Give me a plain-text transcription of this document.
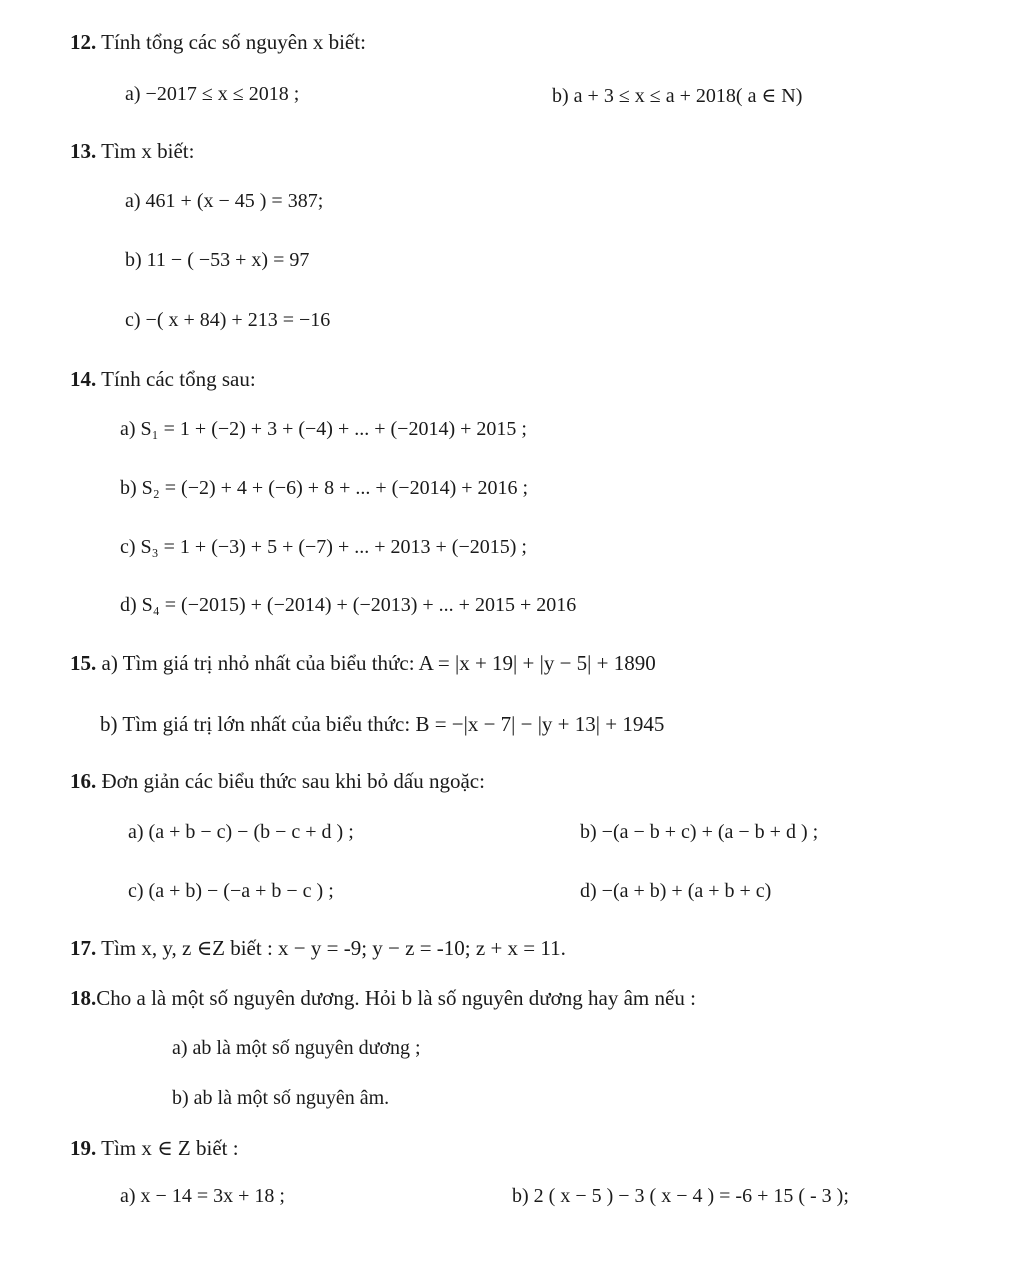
12. Tính tổng các số nguyên x biết:
a) −2017 ≤ x ≤ 2018 ;	b) a + 3 ≤ x ≤ a + 2018( a ∈ N)
13. Tìm x biết:
a) 461 + (x − 45 ) = 387;
b) 11 − ( −53 + x) = 97
c) −( x + 84) + 213 = −16
14. Tính các tổng sau:
a) S₁ = 1 + (−2) + 3 + (−4) + ... + (−2014) + 2015 ;
b) S₂ = (−2) + 4 + (−6) + 8 + ... + (−2014) + 2016 ;
c) S₃ = 1 + (−3) + 5 + (−7) + ... + 2013 + (−2015) ;
d) S₄ = (−2015) + (−2014) + (−2013) + ... + 2015 + 2016
15. a) Tìm giá trị nhỏ nhất của biểu thức: A = |x + 19| + |y − 5| + 1890
b) Tìm giá trị lớn nhất của biểu thức: B = −|x − 7| − |y + 13| + 1945
16. Đơn giản các biểu thức sau khi bỏ dấu ngoặc:
a) (a + b − c) − (b − c + d ) ;	b) −(a − b + c) + (a − b + d ) ;
c) (a + b) − (−a + b − c ) ;	d) −(a + b) + (a + b + c)
17. Tìm x, y, z ∈Z biết : x − y = -9; y − z = -10; z + x = 11.
18.Cho a là một số nguyên dương. Hỏi b là số nguyên dương hay âm nếu :
a) ab là một số nguyên dương ;
b) ab là một số nguyên âm.
19. Tìm x ∈ Z biết :
a) x − 14 = 3x + 18 ;	b) 2 ( x − 5 ) − 3 ( x − 4 ) = -6 + 15 ( - 3 );
